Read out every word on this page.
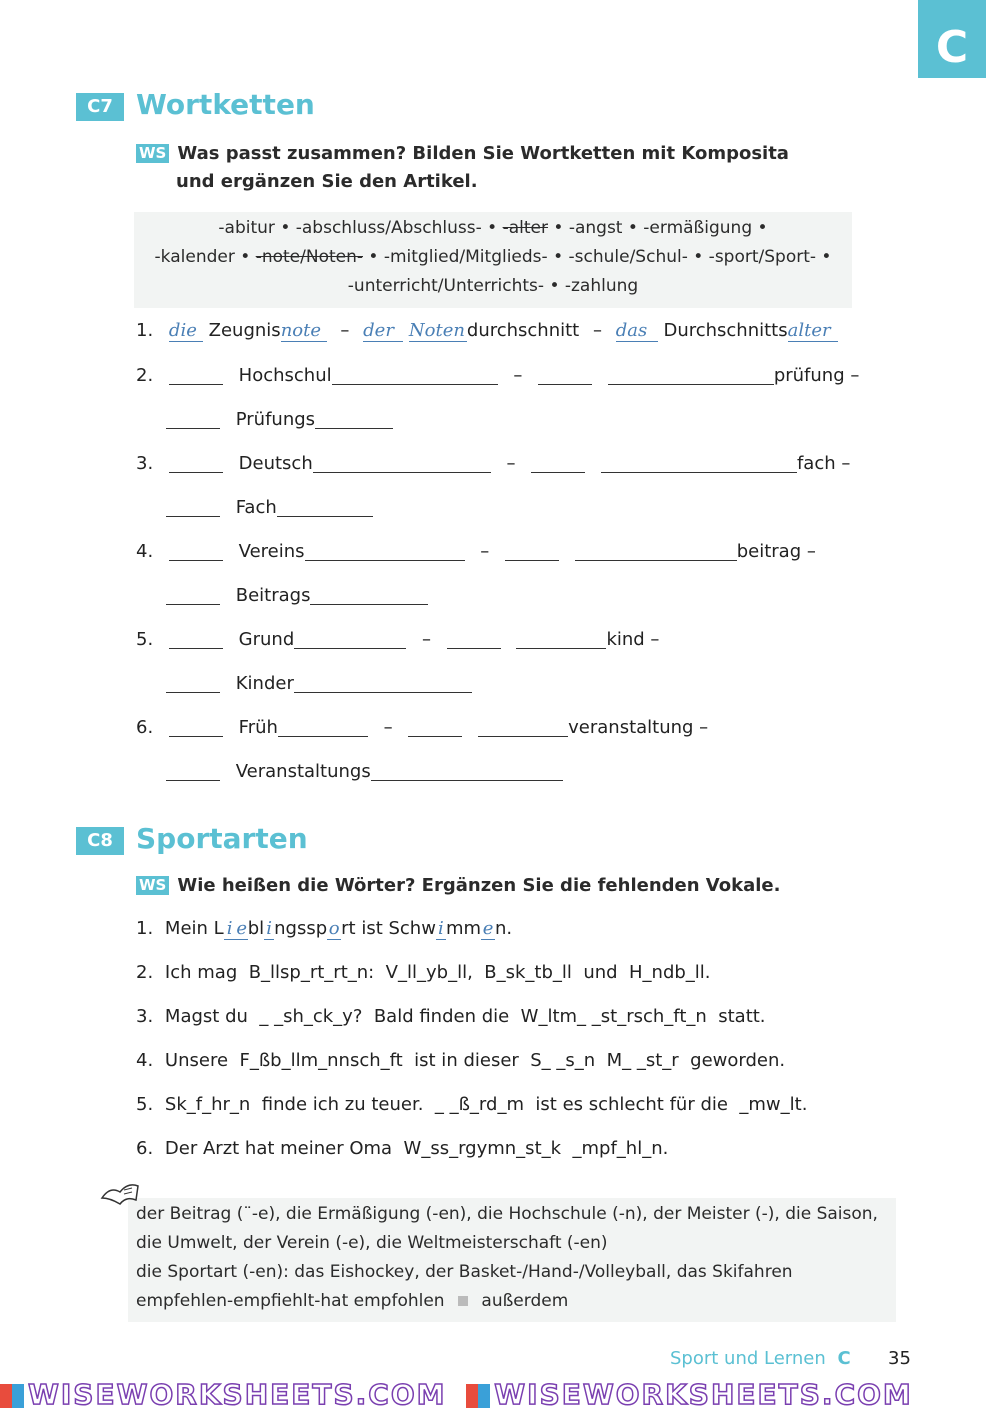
C
C7 Wortketten
WS Was passt zusammen? Bilden Sie Wortketten mit Komposita
und ergänzen Sie den Artikel.
-abitur • -abschluss/Abschluss- • -alter • -angst • -ermäßigung •
-kalender • -note/Noten- • -mitglied/Mitglieds- • -schule/Schul- • -sport/Sport- •
-unterricht/Unterrichts- • -zahlung
1. die Zeugnisnote – der Noten durchschnitt – das Durchschnittsalter
2.	Hochschul	–	prüfung –
Prüfungs
3.	Deutsch	–	fach –
Fach
4.	Vereins	–	beitrag –
Beitrags
5.	Grund	–	kind –
Kinder
6.	Früh	–	veranstaltung –
Veranstaltungs
C8 Sportarten
WS Wie heißen die Wörter? Ergänzen Sie die fehlenden Vokale.
1. Mein L i ebl i ngssport ist Schw i mmen.
2. Ich mag  B_llsp_rt_rt_n:  V_ll_yb_ll,  B_sk_tb_ll  und  H_ndb_ll.
3. Magst du  _ _sh_ck_y?  Bald finden die  W_ltm_ _st_rsch_ft_n  statt.
4. Unsere  F_ßb_llm_nnsch_ft  ist in dieser  S_ _s_n  M_ _st_r  geworden.
5. Sk_f_hr_n  finde ich zu teuer.  _ _ß_rd_m  ist es schlecht für die  _mw_lt.
6. Der Arzt hat meiner Oma  W_ss_rgymn_st_k  _mpf_hl_n.
der Beitrag (¨-e), die Ermäßigung (-en), die Hochschule (-n), der Meister (-), die Saison,
die Umwelt, der Verein (-e), die Weltmeisterschaft (-en)
die Sportart (-en): das Eishockey, der Basket-/Hand-/Volleyball, das Skifahren
empfehlen-empfiehlt-hat empfohlen außerdem
Sport und Lernen C 35
WISEWORKSHEETS.COM WISEWORKSHEETS.COM
